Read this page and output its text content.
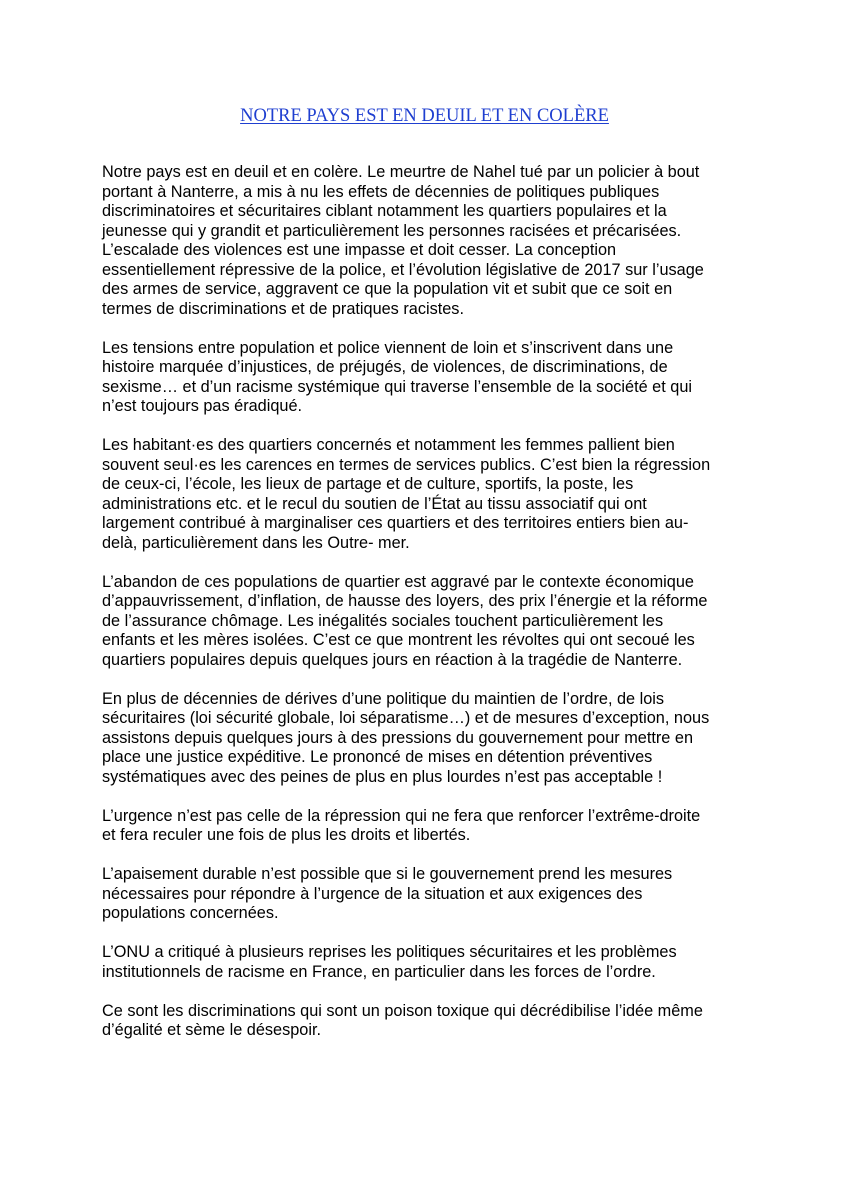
NOTRE PAYS EST EN DEUIL ET EN COLÈRE
Notre pays est en deuil et en colère. Le meurtre de Nahel tué par un policier à bout
portant à Nanterre, a mis à nu les effets de décennies de politiques publiques
discriminatoires et sécuritaires ciblant notamment les quartiers populaires et la
jeunesse qui y grandit et particulièrement les personnes racisées et précarisées.
L’escalade des violences est une impasse et doit cesser. La conception
essentiellement répressive de la police, et l’évolution législative de 2017 sur l’usage
des armes de service, aggravent ce que la population vit et subit que ce soit en
termes de discriminations et de pratiques racistes.
Les tensions entre population et police viennent de loin et s’inscrivent dans une
histoire marquée d’injustices, de préjugés, de violences, de discriminations, de
sexisme… et d’un racisme systémique qui traverse l’ensemble de la société et qui
n’est toujours pas éradiqué.
Les habitant·es des quartiers concernés et notamment les femmes pallient bien
souvent seul·es les carences en termes de services publics. C’est bien la régression
de ceux-ci, l’école, les lieux de partage et de culture, sportifs, la poste, les
administrations etc. et le recul du soutien de l’État au tissu associatif qui ont
largement contribué à marginaliser ces quartiers et des territoires entiers bien au-
delà, particulièrement dans les Outre- mer.
L’abandon de ces populations de quartier est aggravé par le contexte économique
d’appauvrissement, d’inflation, de hausse des loyers, des prix l’énergie et la réforme
de l’assurance chômage. Les inégalités sociales touchent particulièrement les
enfants et les mères isolées. C’est ce que montrent les révoltes qui ont secoué les
quartiers populaires depuis quelques jours en réaction à la tragédie de Nanterre.
En plus de décennies de dérives d’une politique du maintien de l’ordre, de lois
sécuritaires (loi sécurité globale, loi séparatisme…) et de mesures d’exception, nous
assistons depuis quelques jours à des pressions du gouvernement pour mettre en
place une justice expéditive. Le prononcé de mises en détention préventives
systématiques avec des peines de plus en plus lourdes n’est pas acceptable !
L’urgence n’est pas celle de la répression qui ne fera que renforcer l’extrême-droite
et fera reculer une fois de plus les droits et libertés.
L’apaisement durable n’est possible que si le gouvernement prend les mesures
nécessaires pour répondre à l’urgence de la situation et aux exigences des
populations concernées.
L’ONU a critiqué à plusieurs reprises les politiques sécuritaires et les problèmes
institutionnels de racisme en France, en particulier dans les forces de l’ordre.
Ce sont les discriminations qui sont un poison toxique qui décrédibilise l’idée même
d’égalité et sème le désespoir.
